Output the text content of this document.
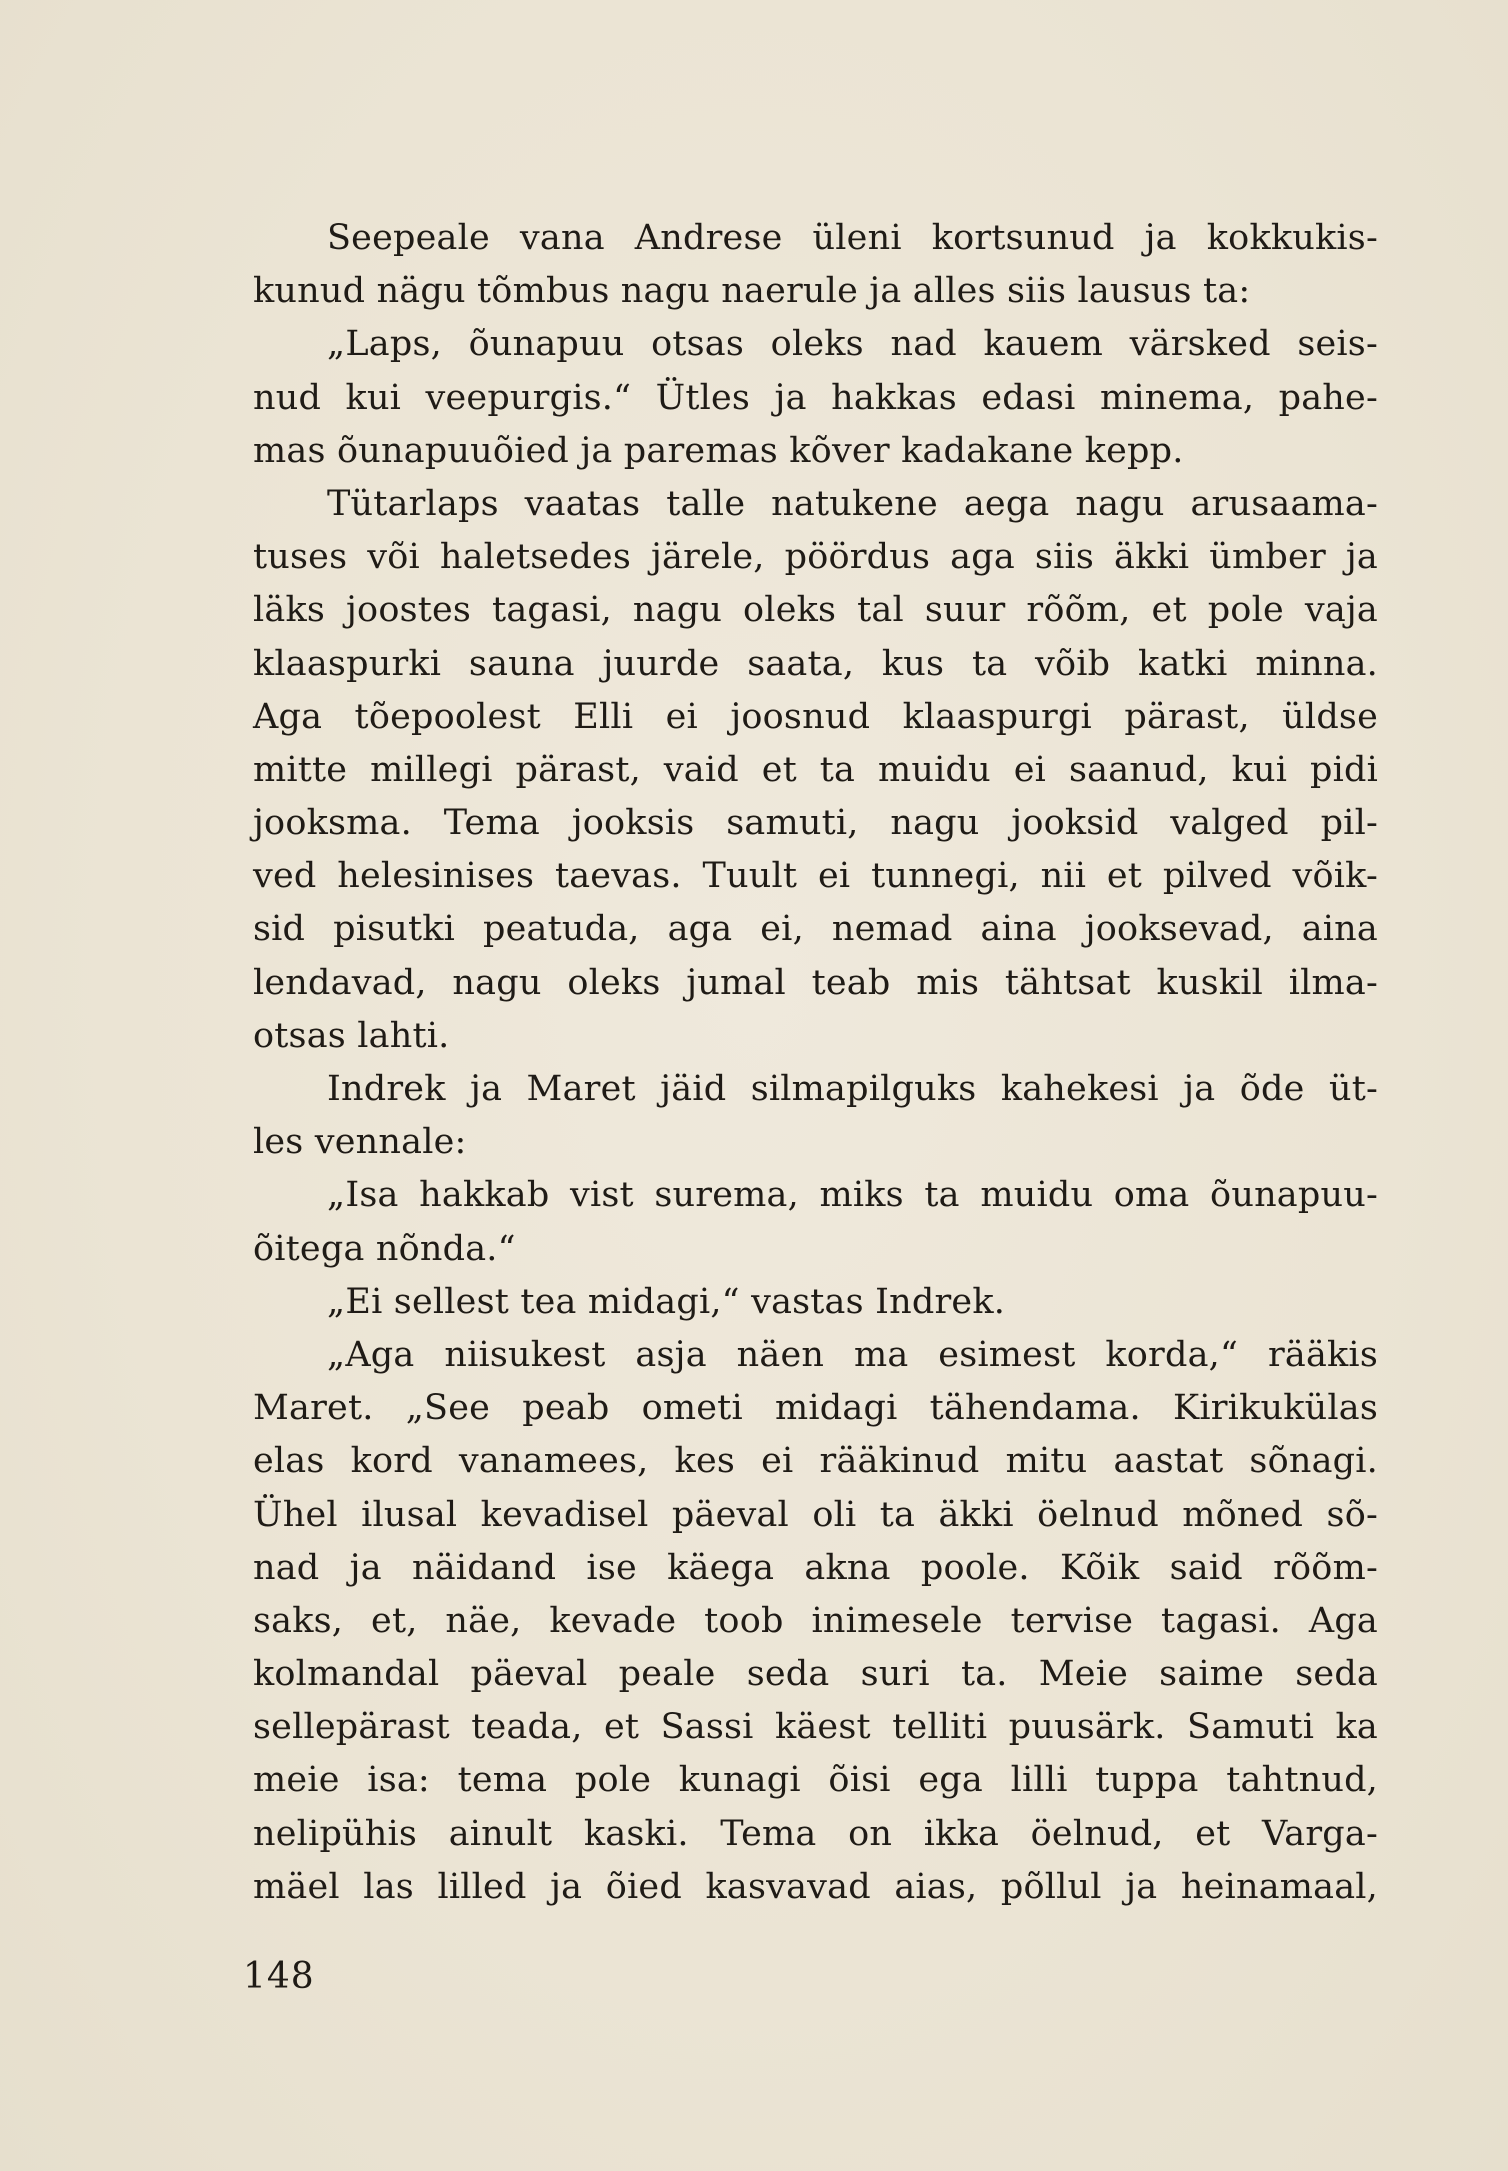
Seepeale vana Andrese üleni kortsunud ja kokkukis-
kunud nägu tõmbus nagu naerule ja alles siis lausus ta:
„Laps, õunapuu otsas oleks nad kauem värsked seis-
nud kui veepurgis.“ Ütles ja hakkas edasi minema, pahe-
mas õunapuuõied ja paremas kõver kadakane kepp.
Tütarlaps vaatas talle natukene aega nagu arusaama-
tuses või haletsedes järele, pöördus aga siis äkki ümber ja
läks joostes tagasi, nagu oleks tal suur rõõm, et pole vaja
klaaspurki sauna juurde saata, kus ta võib katki minna.
Aga tõepoolest Elli ei joosnud klaaspurgi pärast, üldse
mitte millegi pärast, vaid et ta muidu ei saanud, kui pidi
jooksma. Tema jooksis samuti, nagu jooksid valged pil-
ved helesinises taevas. Tuult ei tunnegi, nii et pilved võik-
sid pisutki peatuda, aga ei, nemad aina jooksevad, aina
lendavad, nagu oleks jumal teab mis tähtsat kuskil ilma-
otsas lahti.
Indrek ja Maret jäid silmapilguks kahekesi ja õde üt-
les vennale:
„Isa hakkab vist surema, miks ta muidu oma õunapuu-
õitega nõnda.“
„Ei sellest tea midagi,“ vastas Indrek.
„Aga niisukest asja näen ma esimest korda,“ rääkis
Maret. „See peab ometi midagi tähendama. Kirikukülas
elas kord vanamees, kes ei rääkinud mitu aastat sõnagi.
Ühel ilusal kevadisel päeval oli ta äkki öelnud mõned sõ-
nad ja näidand ise käega akna poole. Kõik said rõõm-
saks, et, näe, kevade toob inimesele tervise tagasi. Aga
kolmandal päeval peale seda suri ta. Meie saime seda
sellepärast teada, et Sassi käest telliti puusärk. Samuti ka
meie isa: tema pole kunagi õisi ega lilli tuppa tahtnud,
nelipühis ainult kaski. Tema on ikka öelnud, et Varga-
mäel las lilled ja õied kasvavad aias, põllul ja heinamaal,
148
